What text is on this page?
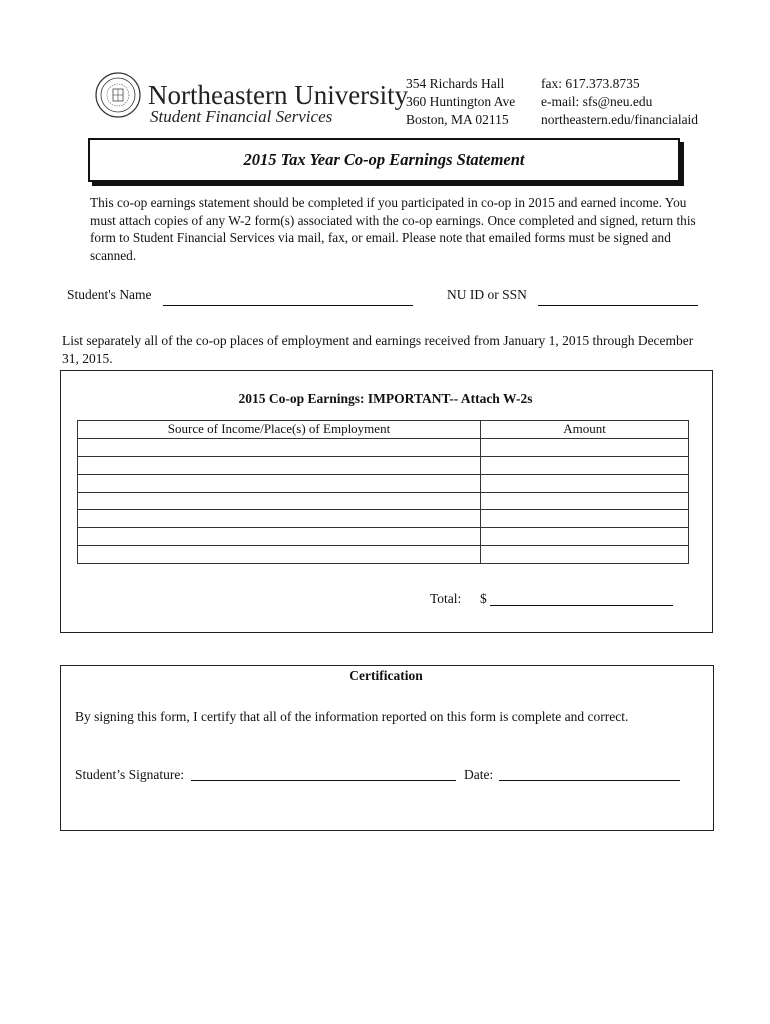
Northeastern University
Student Financial Services
354 Richards Hall
360 Huntington Ave
Boston, MA 02115
fax: 617.373.8735
e-mail: sfs@neu.edu
northeastern.edu/financialaid
2015 Tax Year Co-op Earnings Statement
This co-op earnings statement should be completed if you participated in co-op in 2015 and earned income. You must attach copies of any W-2 form(s) associated with the co-op earnings. Once completed and signed, return this form to Student Financial Services via mail, fax, or email. Please note that emailed forms must be signed and scanned.
Student's Name	NU ID or SSN
List separately all of the co-op places of employment and earnings received from January 1, 2015 through December 31, 2015.
2015 Co-op Earnings: IMPORTANT-- Attach W-2s
Source of Income/Place(s) of Employment	Amount

Total: $
Certification
By signing this form, I certify that all of the information reported on this form is complete and correct.
Student’s Signature:	Date:
